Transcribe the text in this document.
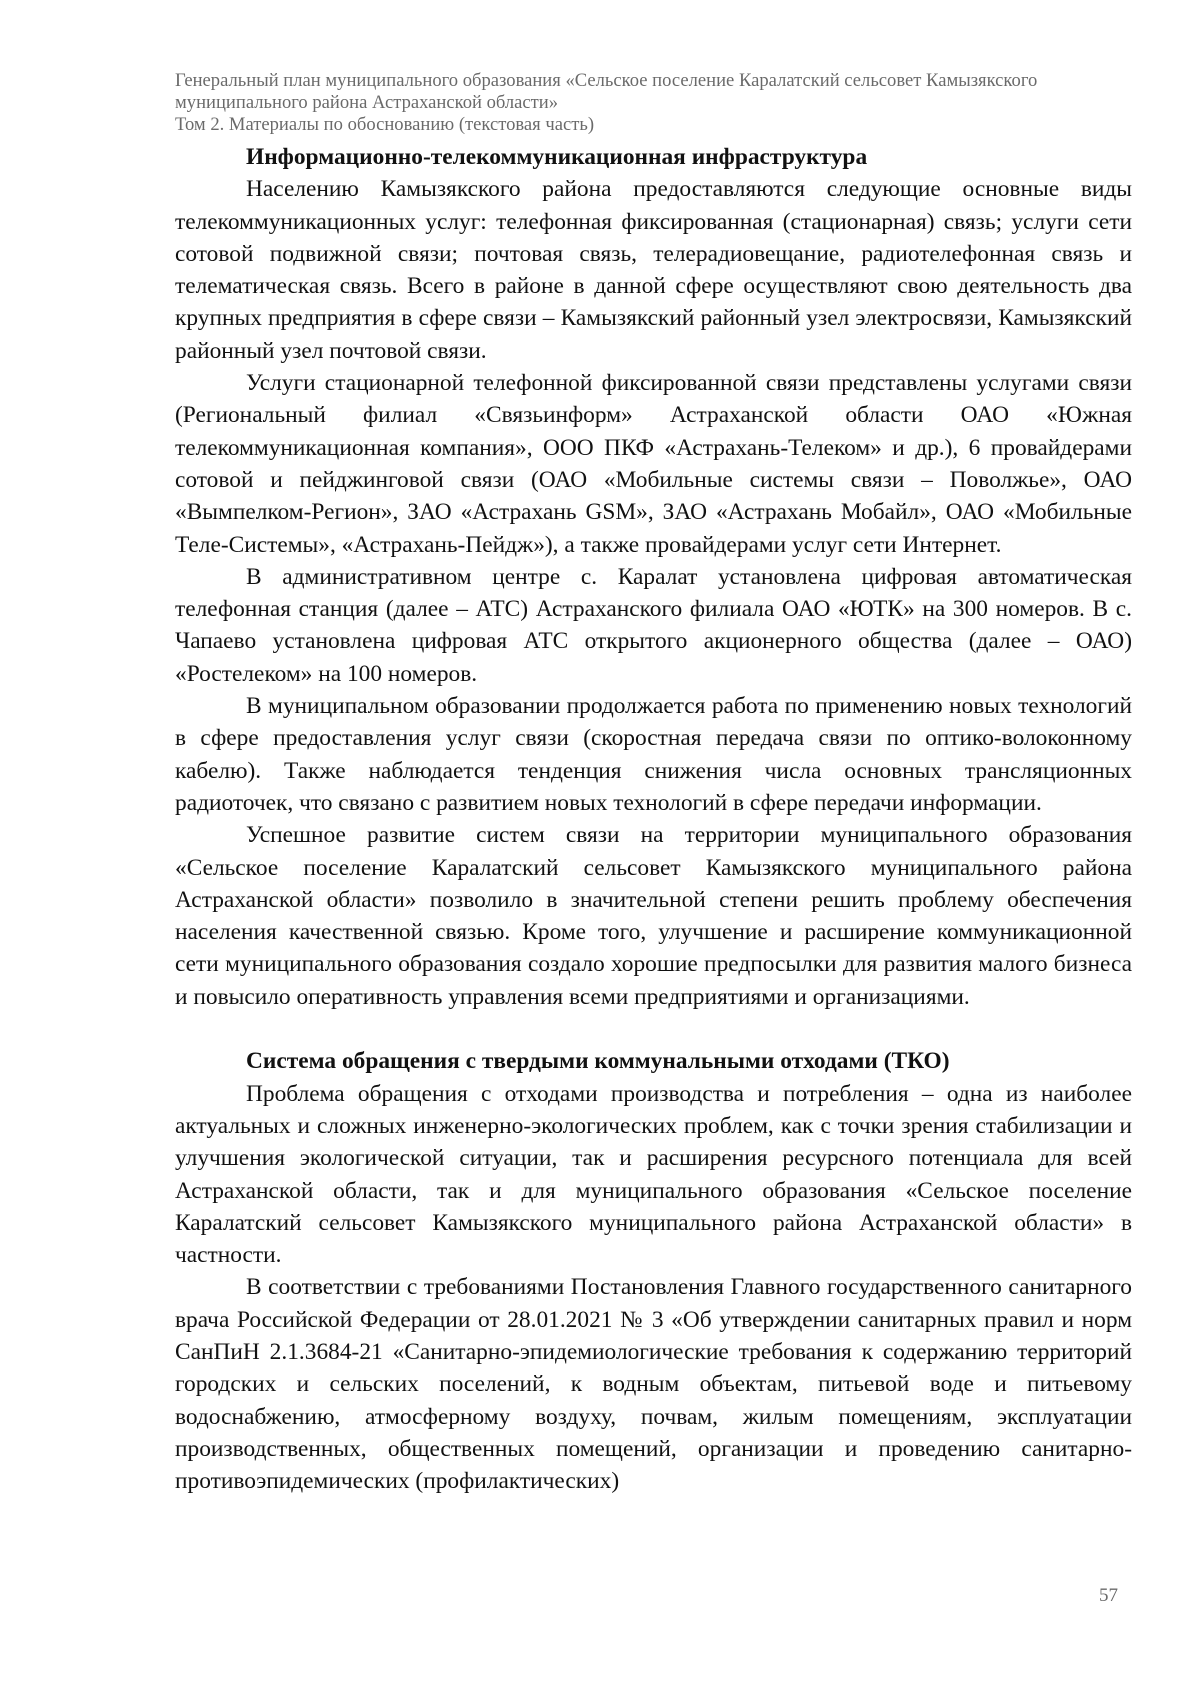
Генеральный план муниципального образования «Сельское поселение Каралатский сельсовет Камызякского
муниципального района Астраханской области»
Том 2. Материалы по обоснованию (текстовая часть)
Информационно-телекоммуникационная инфраструктура

Населению Камызякского района предоставляются следующие основные виды телекоммуникационных услуг: телефонная фиксированная (стационарная) связь; услуги сети сотовой подвижной связи; почтовая связь, телерадиовещание, радиотелефонная связь и телематическая связь. Всего в районе в данной сфере осуществляют свою деятельность два крупных предприятия в сфере связи – Камызякский районный узел электросвязи, Камызякский районный узел почтовой связи.

Услуги стационарной телефонной фиксированной связи представлены услугами связи (Региональный филиал «Связьинформ» Астраханской области ОАО «Южная телекоммуникационная компания», ООО ПКФ «Астрахань-Телеком» и др.), 6 провайдерами сотовой и пейджинговой связи (ОАО «Мобильные системы связи – Поволжье», ОАО «Вымпелком-Регион», ЗАО «Астрахань GSM», ЗАО «Астрахань Мобайл», ОАО «Мобильные Теле-Системы», «Астрахань-Пейдж»), а также провайдерами услуг сети Интернет.

В административном центре с. Каралат установлена цифровая автоматическая телефонная станция (далее – АТС) Астраханского филиала ОАО «ЮТК» на 300 номеров. В с. Чапаево установлена цифровая АТС открытого акционерного общества (далее – ОАО) «Ростелеком» на 100 номеров.

В муниципальном образовании продолжается работа по применению новых технологий в сфере предоставления услуг связи (скоростная передача связи по оптико-волоконному кабелю). Также наблюдается тенденция снижения числа основных трансляционных радиоточек, что связано с развитием новых технологий в сфере передачи информации.

Успешное развитие систем связи на территории муниципального образования «Сельское поселение Каралатский сельсовет Камызякского муниципального района Астраханской области» позволило в значительной степени решить проблему обеспечения населения качественной связью. Кроме того, улучшение и расширение коммуникационной сети муниципального образования создало хорошие предпосылки для развития малого бизнеса и повысило оперативность управления всеми предприятиями и организациями.

Система обращения с твердыми коммунальными отходами (ТКО)

Проблема обращения с отходами производства и потребления – одна из наиболее актуальных и сложных инженерно-экологических проблем, как с точки зрения стабилизации и улучшения экологической ситуации, так и расширения ресурсного потенциала для всей Астраханской области, так и для муниципального образования «Сельское поселение Каралатский сельсовет Камызякского муниципального района Астраханской области» в частности.

В соответствии с требованиями Постановления Главного государственного санитарного врача Российской Федерации от 28.01.2021 № 3 «Об утверждении санитарных правил и норм СанПиН 2.1.3684-21 «Санитарно-эпидемиологические требования к содержанию территорий городских и сельских поселений, к водным объектам, питьевой воде и питьевому водоснабжению, атмосферному воздуху, почвам, жилым помещениям, эксплуатации производственных, общественных помещений, организации и проведению санитарно-противоэпидемических (профилактических)

57
